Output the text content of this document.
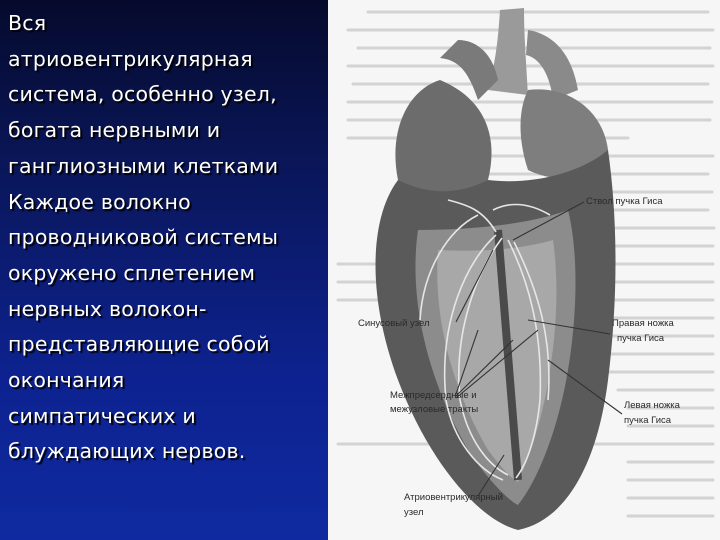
Вся
атриовентрикулярная
система, особенно узел,
богата нервными и
ганглиозными клетками
Каждое волокно
проводниковой системы
окружено сплетением
нервных волокон-
представляющие собой
окончания
симпатических и
блуждающих нервов.

Ствол пучка Гиса
Синусовый узел	Правая ножка
пучка Гиса
Межпредсердные и
межузловые тракты	Левая ножка
пучка Гиса
Атриовентрикулярный
узел
